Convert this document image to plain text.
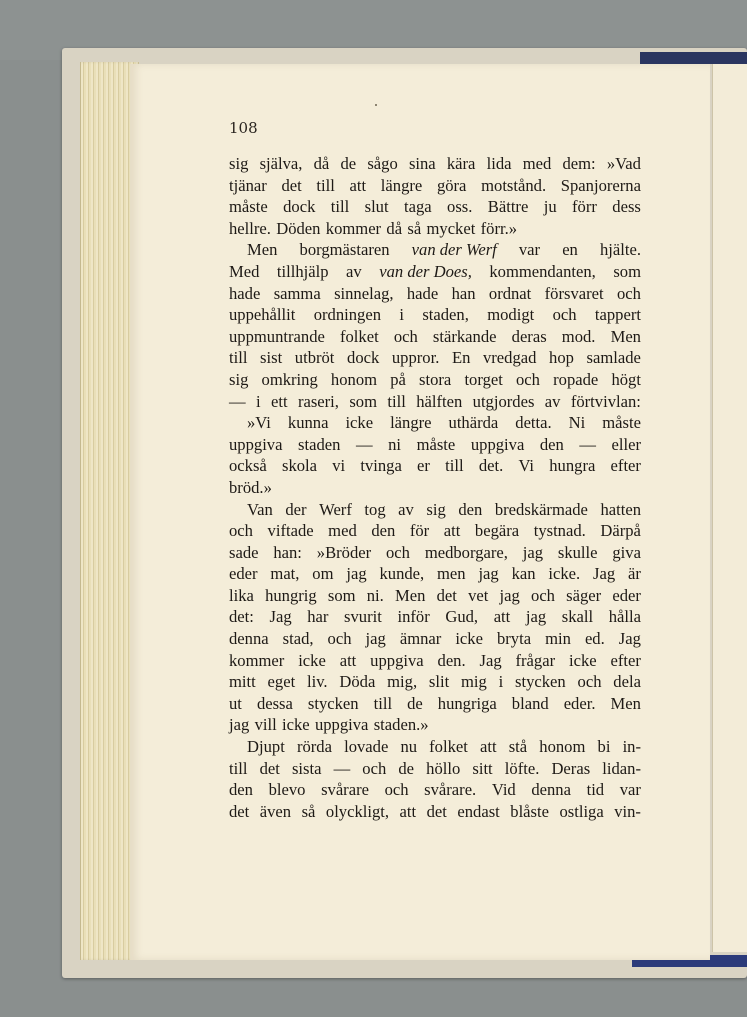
108
sig själva, då de sågo sina kära lida med dem: »Vad
tjänar det till att längre göra motstånd. Spanjorerna
måste dock till slut taga oss. Bättre ju förr dess
hellre. Döden kommer då så mycket förr.»
Men borgmästaren van der Werf var en hjälte.
Med tillhjälp av van der Does, kommendanten, som
hade samma sinnelag, hade han ordnat försvaret och
uppehållit ordningen i staden, modigt och tappert
uppmuntrande folket och stärkande deras mod. Men
till sist utbröt dock uppror. En vredgad hop samlade
sig omkring honom på stora torget och ropade högt
— i ett raseri, som till hälften utgjordes av förtvivlan:
»Vi kunna icke längre uthärda detta. Ni måste
uppgiva staden — ni måste uppgiva den — eller
också skola vi tvinga er till det. Vi hungra efter
bröd.»
Van der Werf tog av sig den bredskärmade hatten
och viftade med den för att begära tystnad. Därpå
sade han: »Bröder och medborgare, jag skulle giva
eder mat, om jag kunde, men jag kan icke. Jag är
lika hungrig som ni. Men det vet jag och säger eder
det: Jag har svurit inför Gud, att jag skall hålla
denna stad, och jag ämnar icke bryta min ed. Jag
kommer icke att uppgiva den. Jag frågar icke efter
mitt eget liv. Döda mig, slit mig i stycken och dela
ut dessa stycken till de hungriga bland eder. Men
jag vill icke uppgiva staden.»
Djupt rörda lovade nu folket att stå honom bi in-
till det sista — och de höllo sitt löfte. Deras lidan-
den blevo svårare och svårare. Vid denna tid var
det även så olyckligt, att det endast blåste ostliga vin-
